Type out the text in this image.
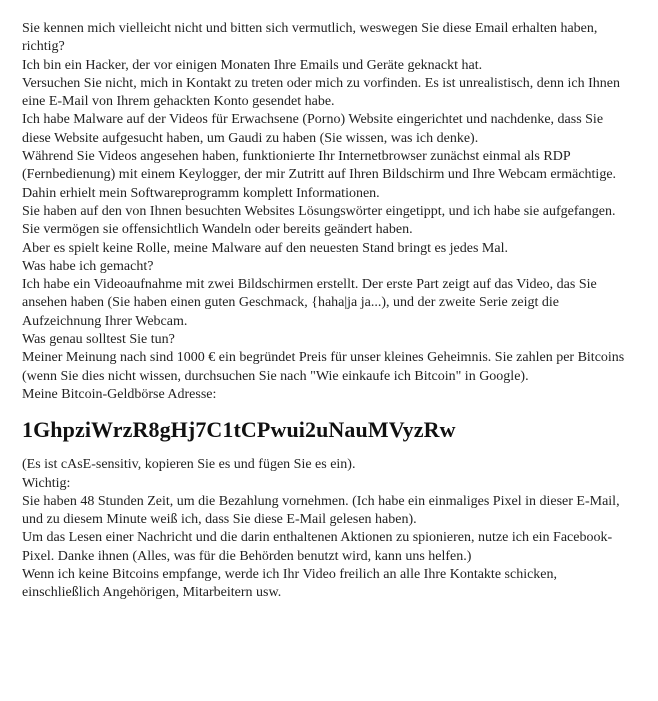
Sie kennen mich vielleicht nicht und bitten sich vermutlich, weswegen Sie diese Email erhalten haben, richtig?

Ich bin ein Hacker, der vor einigen Monaten Ihre Emails und Geräte geknackt hat.

Versuchen Sie nicht, mich in Kontakt zu treten oder mich zu vorfinden. Es ist unrealistisch, denn ich Ihnen eine E-Mail von Ihrem gehackten Konto gesendet habe.

Ich habe Malware auf der Videos für Erwachsene (Porno) Website eingerichtet und nachdenke, dass Sie diese Website aufgesucht haben, um Gaudi zu haben (Sie wissen, was ich denke).

Während Sie Videos angesehen haben, funktionierte Ihr Internetbrowser zunächst einmal als RDP (Fernbedienung) mit einem Keylogger, der mir Zutritt auf Ihren Bildschirm und Ihre Webcam ermächtige.

Dahin erhielt mein Softwareprogramm komplett Informationen.

Sie haben auf den von Ihnen besuchten Websites Lösungswörter eingetippt, und ich habe sie aufgefangen.

Sie vermögen sie offensichtlich Wandeln oder bereits geändert haben.

Aber es spielt keine Rolle, meine Malware auf den neuesten Stand bringt es jedes Mal.

Was habe ich gemacht?

Ich habe ein Videoaufnahme mit zwei Bildschirmen erstellt. Der erste Part zeigt auf das Video, das Sie ansehen haben (Sie haben einen guten Geschmack, {haha|ja ja...), und der zweite Serie zeigt die Aufzeichnung Ihrer Webcam.

Was genau solltest Sie tun?

Meiner Meinung nach sind 1000 € ein begründet Preis für unser kleines Geheimnis. Sie zahlen per Bitcoins (wenn Sie dies nicht wissen, durchsuchen Sie nach "Wie einkaufe ich Bitcoin" in Google).

Meine Bitcoin-Geldbörse Adresse:

1GhpziWrzR8gHj7C1tCPwui2uNauMVyzRw

(Es ist cAsE-sensitiv, kopieren Sie es und fügen Sie es ein).

Wichtig:

Sie haben 48 Stunden Zeit, um die Bezahlung vornehmen. (Ich habe ein einmaliges Pixel in dieser E-Mail, und zu diesem Minute weiß ich, dass Sie diese E-Mail gelesen haben).

Um das Lesen einer Nachricht und die darin enthaltenen Aktionen zu spionieren, nutze ich ein Facebook-Pixel. Danke ihnen (Alles, was für die Behörden benutzt wird, kann uns helfen.)

Wenn ich keine Bitcoins empfange, werde ich Ihr Video freilich an alle Ihre Kontakte schicken, einschließlich Angehörigen, Mitarbeitern usw.
